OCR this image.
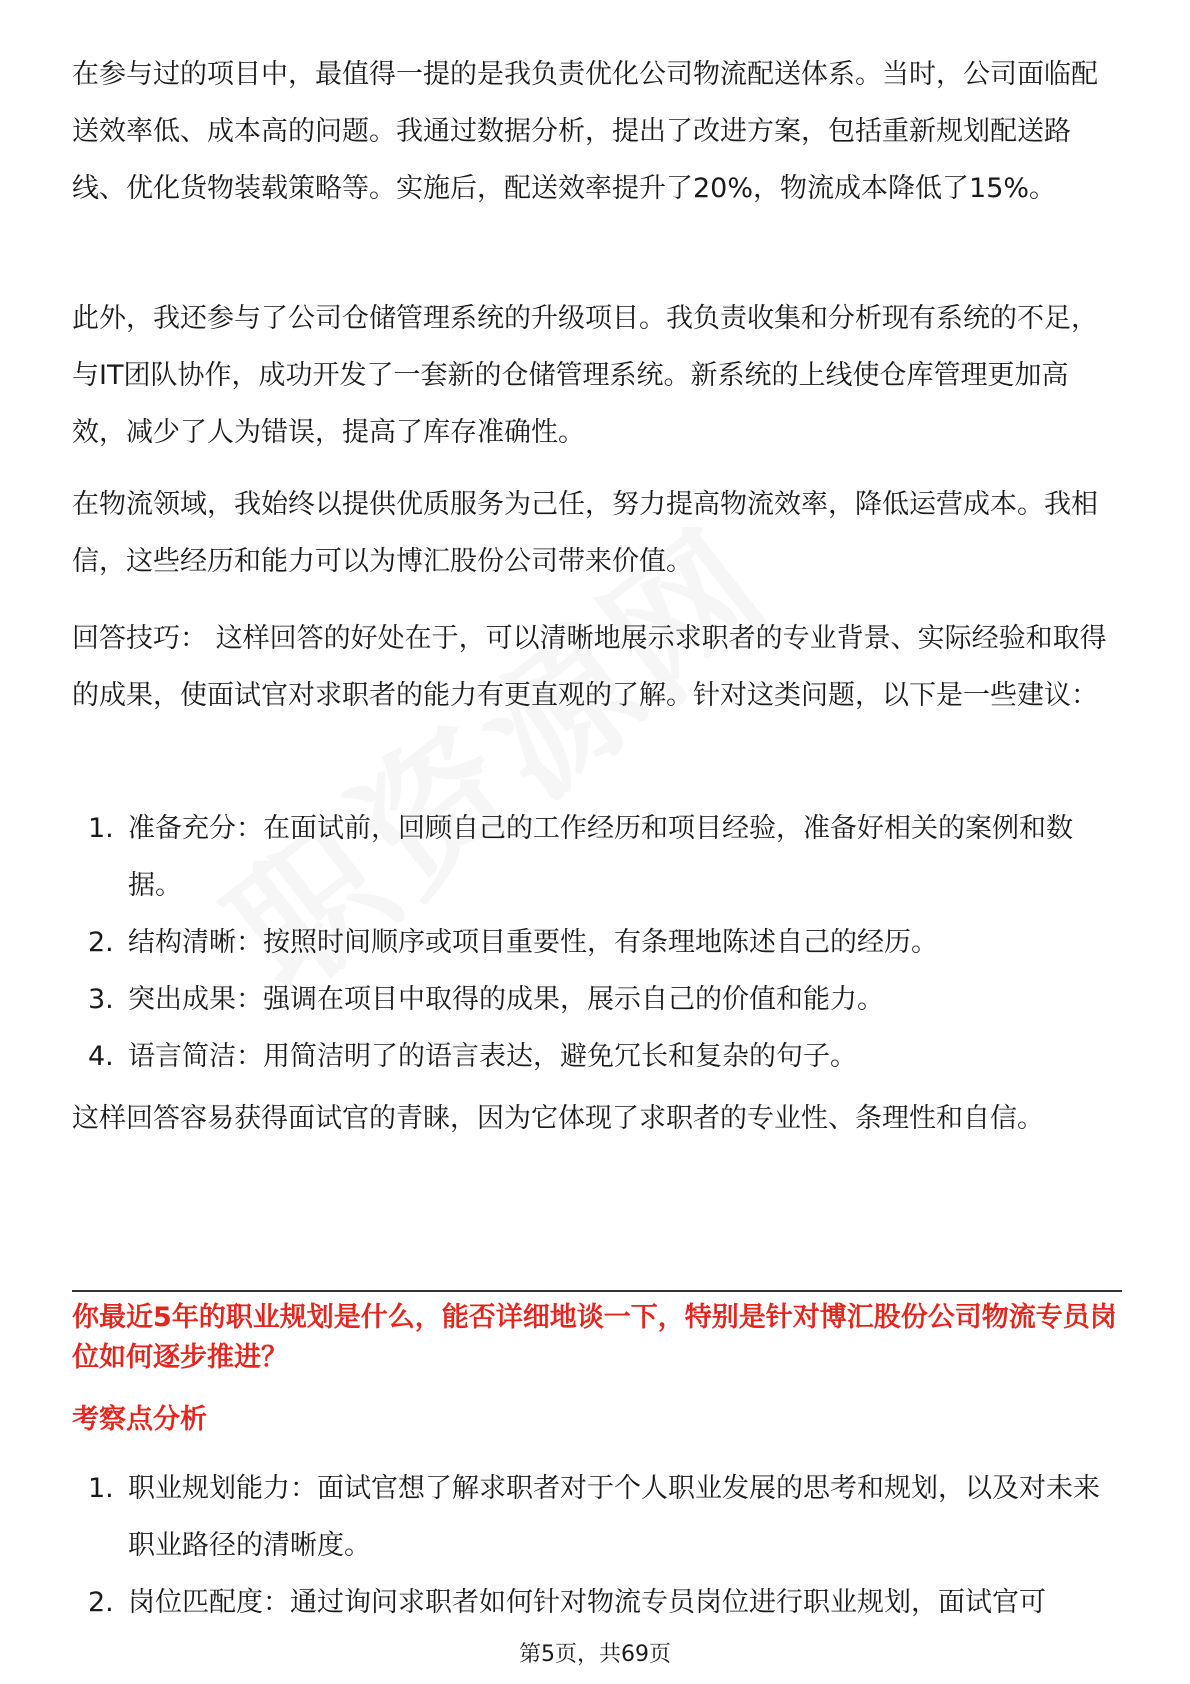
在参与过的项目中，最值得一提的是我负责优化公司物流配送体系。当时，公司面临配送效率低、成本高的问题。我通过数据分析，提出了改进方案，包括重新规划配送路线、优化货物装载策略等。实施后，配送效率提升了20%，物流成本降低了15%。

此外，我还参与了公司仓储管理系统的升级项目。我负责收集和分析现有系统的不足，与IT团队协作，成功开发了一套新的仓储管理系统。新系统的上线使仓库管理更加高效，减少了人为错误，提高了库存准确性。

在物流领域，我始终以提供优质服务为己任，努力提高物流效率，降低运营成本。我相信，这些经历和能力可以为博汇股份公司带来价值。

回答技巧： 这样回答的好处在于，可以清晰地展示求职者的专业背景、实际经验和取得的成果，使面试官对求职者的能力有更直观的了解。针对这类问题，以下是一些建议：

1. 准备充分：在面试前，回顾自己的工作经历和项目经验，准备好相关的案例和数据。
2. 结构清晰：按照时间顺序或项目重要性，有条理地陈述自己的经历。
3. 突出成果：强调在项目中取得的成果，展示自己的价值和能力。
4. 语言简洁：用简洁明了的语言表达，避免冗长和复杂的句子。

这样回答容易获得面试官的青睐，因为它体现了求职者的专业性、条理性和自信。

你最近5年的职业规划是什么，能否详细地谈一下，特别是针对博汇股份公司物流专员岗位如何逐步推进？

考察点分析

1. 职业规划能力：面试官想了解求职者对于个人职业发展的思考和规划，以及对未来职业路径的清晰度。
2. 岗位匹配度：通过询问求职者如何针对物流专员岗位进行职业规划，面试官可
第5页，共69页
